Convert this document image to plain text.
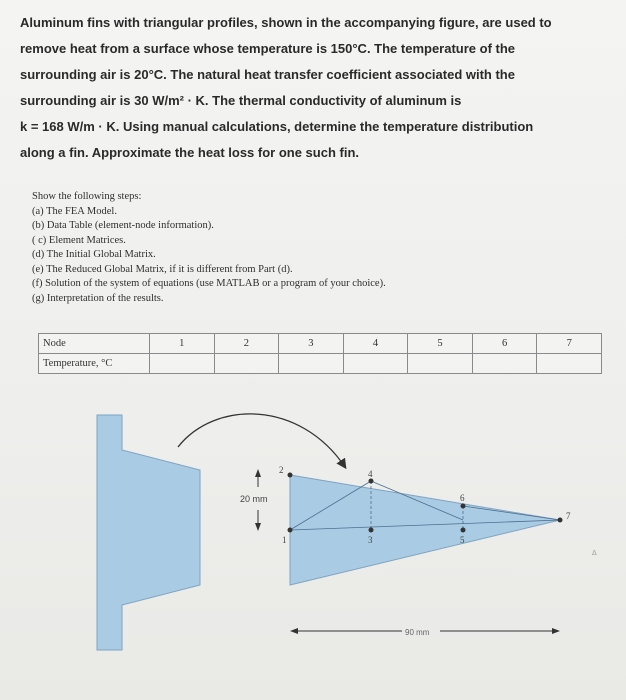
Aluminum fins with triangular profiles, shown in the accompanying figure, are used to

remove heat from a surface whose temperature is 150°C. The temperature of the

surrounding air is 20°C. The natural heat transfer coefficient associated with the

surrounding air is 30 W/m² · K. The thermal conductivity of aluminum is

k = 168 W/m · K. Using manual calculations, determine the temperature distribution

along a fin. Approximate the heat loss for one such fin.

Show the following steps:
(a) The FEA Model.
(b) Data Table (element-node information).
( c) Element Matrices.
(d) The Initial Global Matrix.
(e) The Reduced Global Matrix, if it is different from Part (d).
(f) Solution of the system of equations (use MATLAB or a program of your choice).
(g) Interpretation of the results.
Node	1	2	3	4	5	6	7
Temperature, °C							
1
2
3
4
5
6
7
20 mm
90 mm
Δ
